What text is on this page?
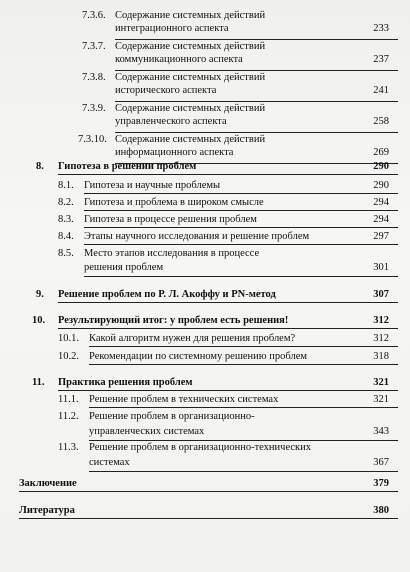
7.3.6. Содержание системных действий
интеграционного аспекта	233
7.3.7. Содержание системных действий
коммуникационного аспекта	237
7.3.8. Содержание системных действий
исторического аспекта	241
7.3.9. Содержание системных действий
управленческого аспекта	258
7.3.10. Содержание системных действий
информационного аспекта	269
8. Гипотеза в решении проблем	290
8.1. Гипотеза и научные проблемы	290
8.2. Гипотеза и проблема в широком смысле	294
8.3. Гипотеза в процессе решения проблем	294
8.4. Этапы научного исследования и решение проблем	297
8.5. Место этапов исследования в процессе
решения проблем	301
9. Решение проблем по Р. Л. Акоффу и PN-метод	307
10. Результирующий итог: у проблем есть решения!	312
10.1. Какой алгоритм нужен для решения проблем?	312
10.2. Рекомендации по системному решению проблем	318
11. Практика решения проблем	321
11.1. Решение проблем в технических системах	321
11.2. Решение проблем в организационно-
управленческих системах	343
11.3. Решение проблем в организационно-технических
системах	367
Заключение	379
Литература	380
